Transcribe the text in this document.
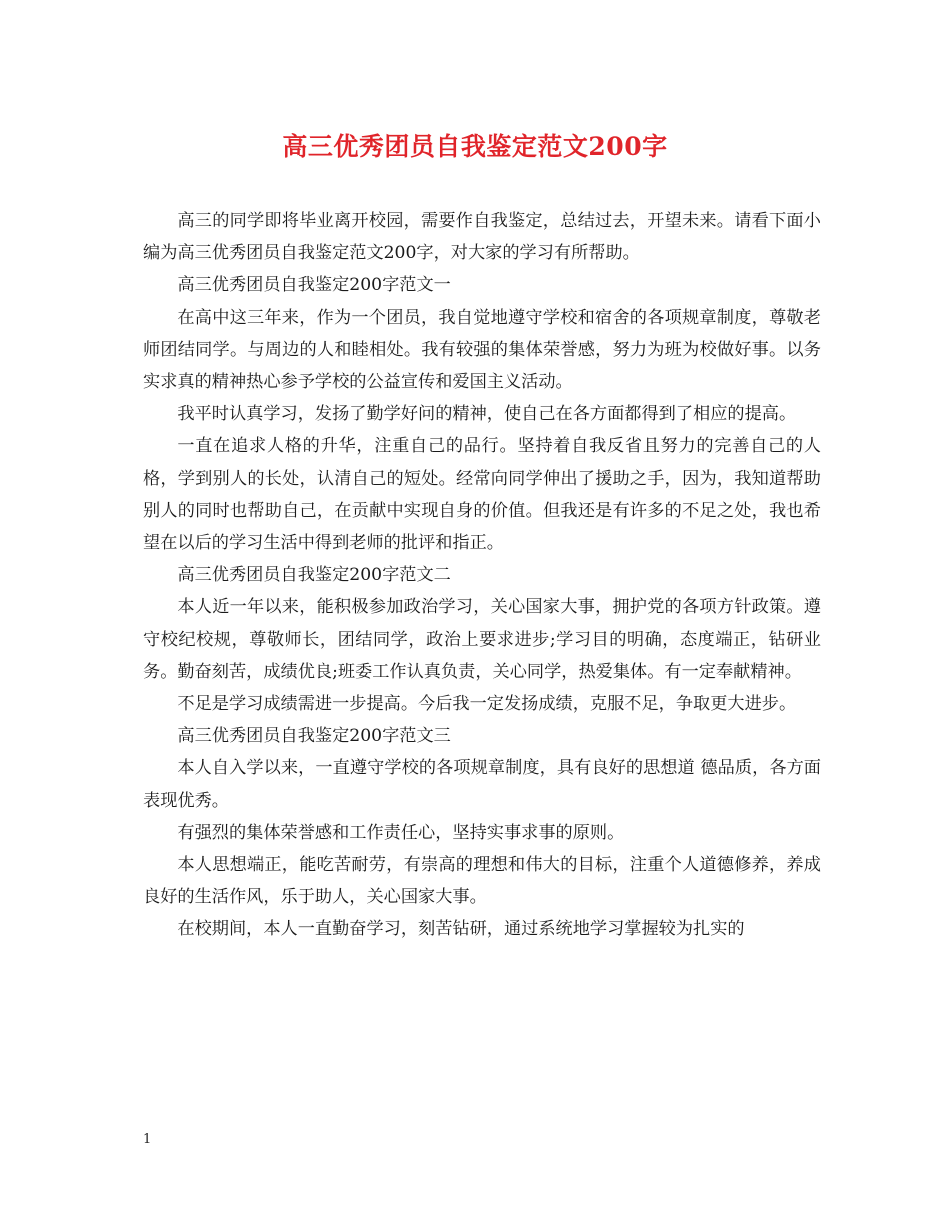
高三优秀团员自我鉴定范文200字

高三的同学即将毕业离开校园，需要作自我鉴定，总结过去，开望未来。请看下面小编为高三优秀团员自我鉴定范文200字，对大家的学习有所帮助。

高三优秀团员自我鉴定200字范文一

在高中这三年来，作为一个团员，我自觉地遵守学校和宿舍的各项规章制度，尊敬老师团结同学。与周边的人和睦相处。我有较强的集体荣誉感，努力为班为校做好事。以务实求真的精神热心参予学校的公益宣传和爱国主义活动。

我平时认真学习，发扬了勤学好问的精神，使自己在各方面都得到了相应的提高。

一直在追求人格的升华，注重自己的品行。坚持着自我反省且努力的完善自己的人格，学到别人的长处，认清自己的短处。经常向同学伸出了援助之手，因为，我知道帮助别人的同时也帮助自己，在贡献中实现自身的价值。但我还是有许多的不足之处，我也希望在以后的学习生活中得到老师的批评和指正。

高三优秀团员自我鉴定200字范文二

本人近一年以来，能积极参加政治学习，关心国家大事，拥护党的各项方针政策。遵守校纪校规，尊敬师长，团结同学，政治上要求进步;学习目的明确，态度端正，钻研业务。勤奋刻苦，成绩优良;班委工作认真负责，关心同学，热爱集体。有一定奉献精神。

不足是学习成绩需进一步提高。今后我一定发扬成绩，克服不足，争取更大进步。

高三优秀团员自我鉴定200字范文三

本人自入学以来，一直遵守学校的各项规章制度，具有良好的思想道 德品质，各方面表现优秀。

有强烈的集体荣誉感和工作责任心，坚持实事求事的原则。

本人思想端正，能吃苦耐劳，有崇高的理想和伟大的目标，注重个人道德修养，养成良好的生活作风，乐于助人，关心国家大事。

在校期间，本人一直勤奋学习，刻苦钻研，通过系统地学习掌握较为扎实的

1
